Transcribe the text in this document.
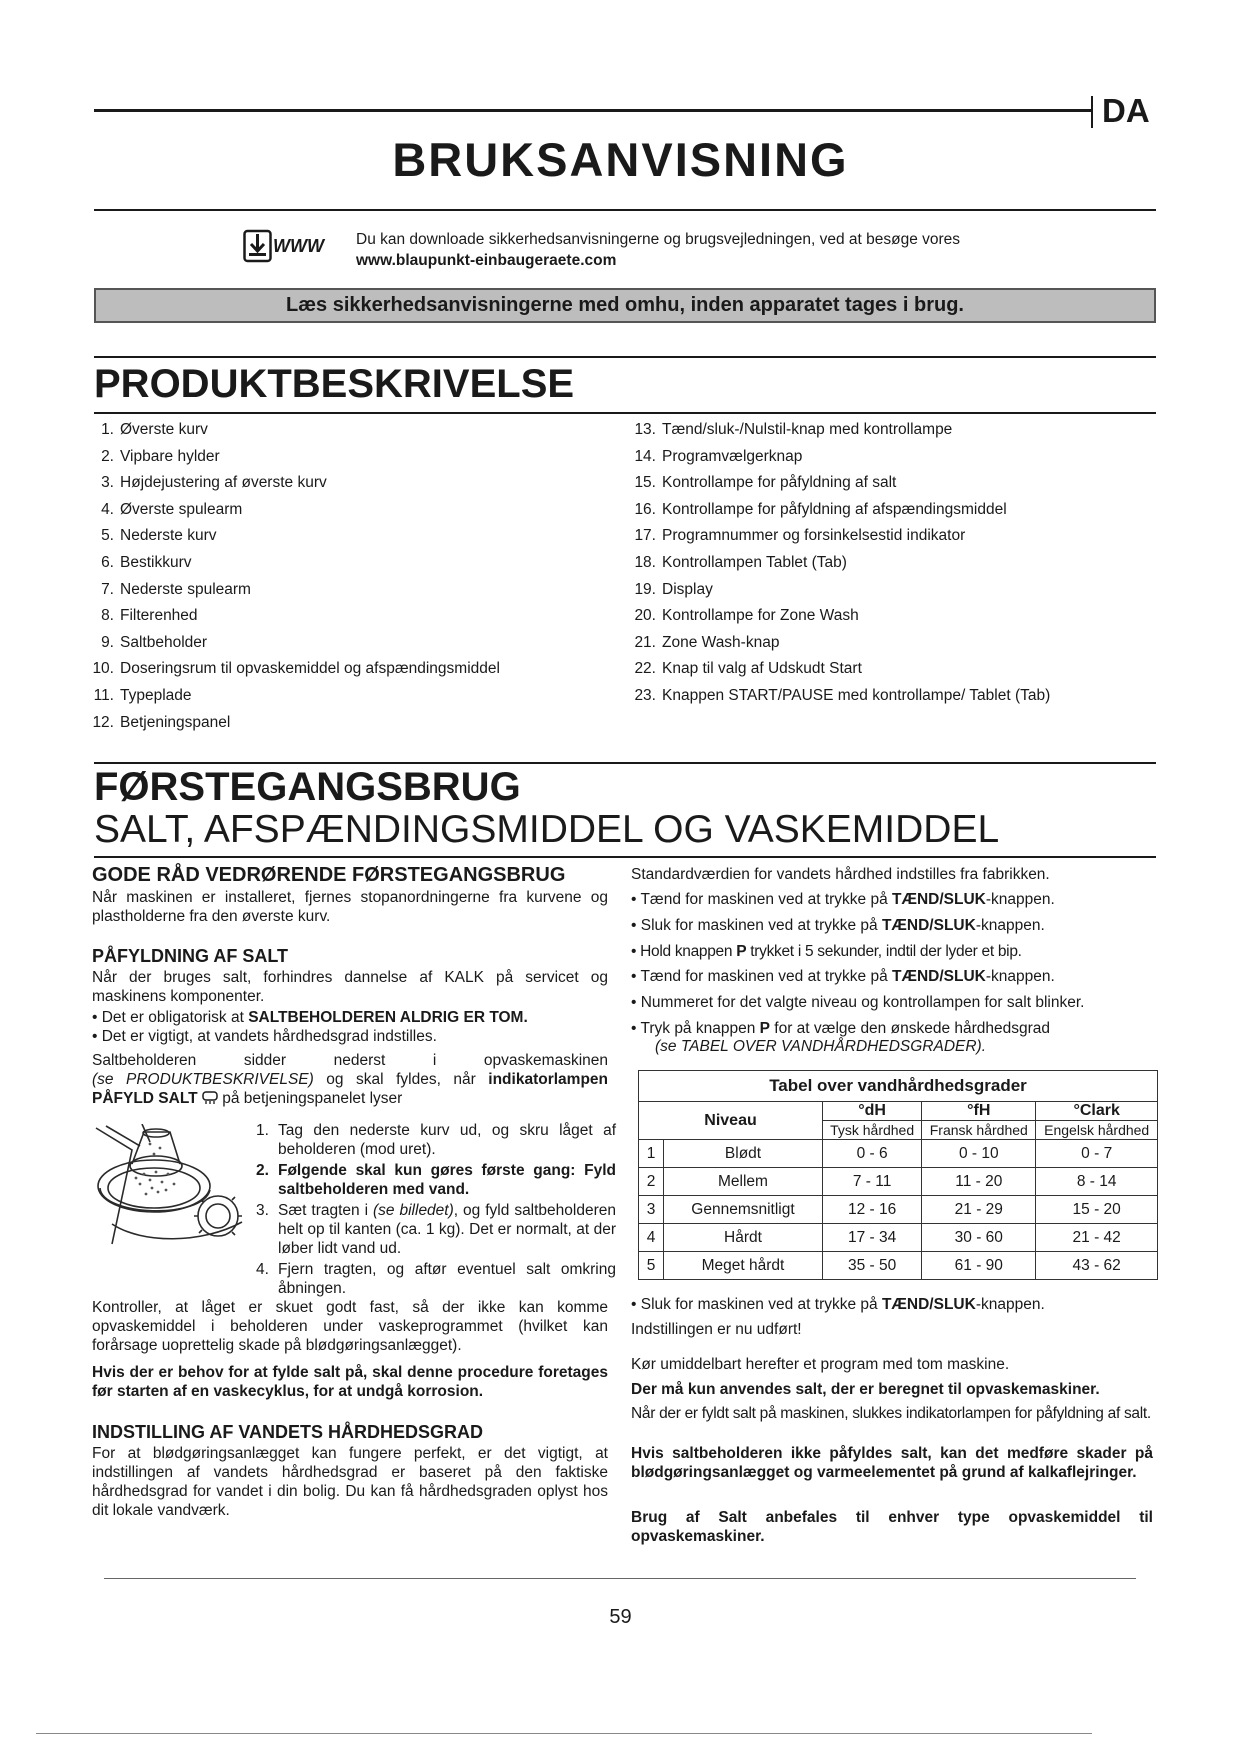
DA
BRUKSANVISNING
WWW Du kan downloade sikkerhedsanvisningerne og brugsvejledningen, ved at besøge vores
www.blaupunkt-einbaugeraete.com
Læs sikkerhedsanvisningerne med omhu, inden apparatet tages i brug.
PRODUKTBESKRIVELSE
1. Øverste kurv
2. Vipbare hylder
3. Højdejustering af øverste kurv
4. Øverste spulearm
5. Nederste kurv
6. Bestikkurv
7. Nederste spulearm
8. Filterenhed
9. Saltbeholder
10. Doseringsrum til opvaskemiddel og afspændingsmiddel
11. Typeplade
12. Betjeningspanel
13. Tænd/sluk-/Nulstil-knap med kontrollampe
14. Programvælgerknap
15. Kontrollampe for påfyldning af salt
16. Kontrollampe for påfyldning af afspændingsmiddel
17. Programnummer og forsinkelsestid indikator
18. Kontrollampen Tablet (Tab)
19. Display
20. Kontrollampe for Zone Wash
21. Zone Wash-knap
22. Knap til valg af Udskudt Start
23. Knappen START/PAUSE med kontrollampe/ Tablet (Tab)
FØRSTEGANGSBRUG
SALT, AFSPÆNDINGSMIDDEL OG VASKEMIDDEL
GODE RÅD VEDRØRENDE FØRSTEGANGSBRUG
Når maskinen er installeret, fjernes stopanordningerne fra kurvene og plastholderne fra den øverste kurv.
PÅFYLDNING AF SALT
Når der bruges salt, forhindres dannelse af KALK på servicet og maskinens komponenter.
• Det er obligatorisk at SALTBEHOLDEREN ALDRIG ER TOM.
• Det er vigtigt, at vandets hårdhedsgrad indstilles.
Saltbeholderen sidder nederst i opvaskemaskinen
(se PRODUKTBESKRIVELSE) og skal fyldes, når indikatorlampen PÅFYLD SALT  på betjeningspanelet lyser
1. Tag den nederste kurv ud, og skru låget af beholderen (mod uret).
2. Følgende skal kun gøres første gang: Fyld saltbeholderen med vand.
3. Sæt tragten i (se billedet), og fyld saltbeholderen helt op til kanten (ca. 1 kg). Det er normalt, at der løber lidt vand ud.
4. Fjern tragten, og aftør eventuel salt omkring åbningen.
Kontroller, at låget er skuet godt fast, så der ikke kan komme opvaskemiddel i beholderen under vaskeprogrammet (hvilket kan forårsage uoprettelig skade på blødgøringsanlægget).
Hvis der er behov for at fylde salt på, skal denne procedure foretages før starten af en vaskecyklus, for at undgå korrosion.
INDSTILLING AF VANDETS HÅRDHEDSGRAD
For at blødgøringsanlægget kan fungere perfekt, er det vigtigt, at indstillingen af vandets hårdhedsgrad er baseret på den faktiske hårdhedsgrad for vandet i din bolig. Du kan få hårdhedsgraden oplyst hos dit lokale vandværk.
Standardværdien for vandets hårdhed indstilles fra fabrikken.
• Tænd for maskinen ved at trykke på TÆND/SLUK-knappen.
• Sluk for maskinen ved at trykke på TÆND/SLUK-knappen.
• Hold knappen P trykket i 5 sekunder, indtil der lyder et bip.
• Tænd for maskinen ved at trykke på TÆND/SLUK-knappen.
• Nummeret for det valgte niveau og kontrollampen for salt blinker.
• Tryk på knappen P for at vælge den ønskede hårdhedsgrad
(se TABEL OVER VANDHÅRDHEDSGRADER).
Tabel over vandhårdhedsgrader				
Niveau		°dH	°fH	°Clark
		Tysk hårdhed	Fransk hårdhed	Engelsk hårdhed
1	Blødt	0 - 6	0 - 10	0 - 7
2	Mellem	7 - 11	11 - 20	8 - 14
3	Gennemsnitligt	12 - 16	21 - 29	15 - 20
4	Hårdt	17 - 34	30 - 60	21 - 42
5	Meget hårdt	35 - 50	61 - 90	43 - 62
• Sluk for maskinen ved at trykke på TÆND/SLUK-knappen.
Indstillingen er nu udført!
Kør umiddelbart herefter et program med tom maskine.
Der må kun anvendes salt, der er beregnet til opvaskemaskiner.
Når der er fyldt salt på maskinen, slukkes indikatorlampen for påfyldning af salt.
Hvis saltbeholderen ikke påfyldes salt, kan det medføre skader på blødgøringsanlægget og varmeelementet på grund af kalkaflejringer.
Brug af Salt anbefales til enhver type opvaskemiddel til opvaskemaskiner.
59
